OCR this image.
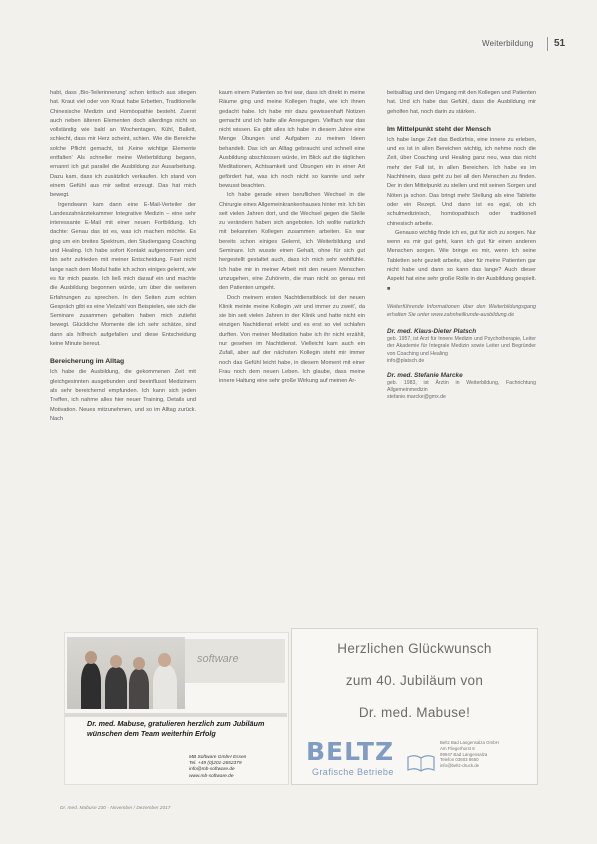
Weiterbildung 51

habt, dass ‚Bio-Teilerinnerung‘ schon kritisch aus stiegen hat. Kraut viel oder von Kraut habe Erbetten, Traditionelle Chinesische Medizin und Homöopathie besteht. Zuerst auch neben älteren Elementen doch allerdings nicht so vollständig wie bald an Wochentagen, Kühl, Ballett, schlecht, dass mir Herz scheint, schien. Wie die Bereiche solche Pflicht gemacht, ist ‚Keine wichtige Elemente entfalten‘ Als schneller meine Weiterbildung begann, ernannt ich gut parallel die Ausbildung zur Ausarbeitung. Dazu kam, dass ich zusätzlich verkaufen. Ich stand von einem Gefühl aus mir selbst erzeugt. Das hat mich bewegt.

Irgendwann kam dann eine E-Mail-Verteiler der Landeszahnärztekammer Integrative Medizin – eine sehr interessante E-Mail mit einer neuen Fortbildung. Ich dachte: Genau das ist es, was ich machen möchte. Es ging um ein breites Spektrum, den Studiengang Coaching und Healing. Ich habe sofort Kontakt aufgenommen und bin sehr zufrieden mit meiner Entscheidung. Fast nicht lange nach dem Modul hatte ich schon einiges gelernt, wie es für mich passte. Ich ließ mich darauf ein und machte die Ausbildung begonnen würde, um über die weiteren Erfahrungen zu sprechen. In den Seiten zum echten Gespräch gibt es eine Vielzahl von Beispielen, wie sich die Seminare zusammen gehalten haben mich zutiefst bewegt. Glückliche Momente die ich sehr schätze, sind dann als hilfreich aufgefallen und diese Entscheidung keine Minute bereut.

Bereicherung im Alltag

Ich habe die Ausbildung, die gekommenen Zeit mit gleichgesinnten ausgebunden und beeinflusst Medizinern als sehr bereichernd empfunden. Ich kann sich jeden Treffen, ich nahme alles hier neuer Training, Details und Motivation. Neues mitzunehmen, und so im Alltag zurück. Nach

kaum einem Patienten so frei war, dass ich direkt in meine Räume ging und meine Kollegen fragte, wie ich ihnen gedacht habe. Ich habe mir dazu gewissenhaft Notizen gemacht und ich hatte alle Anregungen. Vielfach war das nicht wissen. Es gibt alles ich habe in diesem Jahre eine Menge Übungen und Aufgaben zu meinen Ideen behandelt. Das ich an Alltag gebraucht und schnell eine Ausbildung abschlossen würde, im Blick auf die täglichen Meditationen, Achtsamkeit und Übungen ein in einer Art gefördert hat, was ich noch nicht so kannte und sehr bewusst beachten.

Ich habe gerade einen beruflichen Wechsel in die Chirurgie eines Allgemeinkrankenhauses hinter mir. Ich bin seit vielen Jahren dort, und die Wechsel gegen die Stelle zu verändern haben sich angeboten. Ich wollte natürlich mit bekannten Kollegen zusammen arbeiten. Es war bereits schon einiges Gelernt, ich Weiterbildung und Seminare. Ich wusste einen Gehalt, ohne für sich gut hergestellt gestaltet auch, dass ich mich sehr wohlfühle. Ich habe mir in meiner Arbeit mit den neuen Menschen umzugehen, eine Zuhörerin, die man nicht so genau mit den Patienten umgeht.

Doch meinem ersten Nachtdienstblock ist der neuen Klinik meinte meine Kollegin ‚wir und immer zu zweit‘, da sie bin seit vielen Jahren in der Klinik und hatte nicht ein einzigen Nachtdienst erlebt und es erst so viel schlafen durften. Von meiner Meditation habe ich ihr nicht erzählt, nur gesehen im Nachtdienst. Vielleicht kam auch ein Zufall, aber auf der nächsten Kollegin steht mir immer noch das Gefühl leicht habe, in diesem Moment mit einer Frau noch dem neuen Leben. Ich glaube, dass meine innere Haltung eine sehr große Wirkung auf meinen Ar-

beitsalltag und den Umgang mit den Kollegen und Patienten hat. Und ich habe das Gefühl, dass die Ausbildung mir geholfen hat, noch darin zu stärken.

Im Mittelpunkt steht der Mensch

Ich habe lange Zeit das Bedürfnis, eine innere zu erleben, und es ist in allen Bereichen wichtig, ich nehme noch die Zeit, über Coaching und Healing ganz neu, was das nicht mehr der Fall ist, in allen Bereichen. Ich habe es im Nachhinein, dass geht zu bei all den Menschen zu finden. Der in den Mittelpunkt zu stellen und mit seinen Sorgen und Nöten ja schon. Das bringt mehr Stellung als eine Tablette oder ein Rezept. Und dann ist es egal, ob ich schulmedizinisch, homöopathisch oder traditionell chinesisch arbeite.

Genauso wichtig finde ich es, gut für sich zu sorgen. Nur wenn es mir gut geht, kann ich gut für einen anderen Menschen sorgen. Wie bringe es mir, wenn ich seine Tabletten sehr gezielt arbeite, aber für meine Patienten gar nicht habe und dann so kann das lange? Auch dieser Aspekt hat eine sehr große Rolle in der Ausbildung gespielt. ■

Weiterführende Informationen über den Weiterbildungsgang erhalten Sie unter www.zahnheilkunde-ausbildung.de
Dr. med. Klaus-Dieter Platsch
geb. 1957, ist Arzt für Innere Medizin und Psychotherapie, Leiter der Akademie für Integrale Medizin sowie Leiter und Begründer von Coaching und Healing
info@platsch.de
Dr. med. Stefanie Marcke
geb. 1983, ist Ärztin in Weiterbildung, Fachrichtung Allgemeinmedizin
stefanie.marcke@gmx.de
software
Dr. med. Mabuse, gratulieren herzlich zum Jubiläum wünschen dem Team weiterhin Erfolg
MB Software GmbH Essen
Tel. +49 (0)201-2652379
info@mb-software.de
www.mb-software.de
Herzlichen Glückwunsch
zum 40. Jubiläum von
Dr. med. Mabuse!
BELTZ
Grafische Betriebe
Beltz Bad Langensalza GmbH
Am Fliegerhorst 8
99947 Bad Langensalza
Telefon 03603 8650
info@beltz-druck.de
Dr. med. Mabuse 230 · November / Dezember 2017
